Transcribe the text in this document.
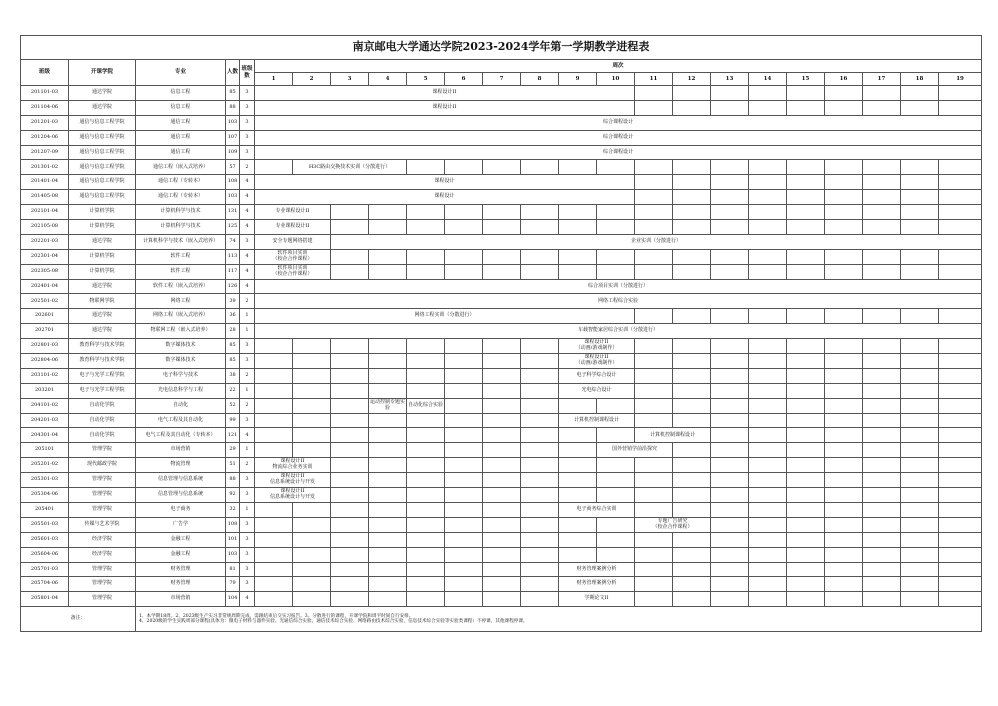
南京邮电大学通达学院2023-2024学年第一学期教学进程表																							
班级	开课学院	专业	人数	班级数	周次																		
					1	2	3	4	5	6	7	8	9	10	11	12	13	14	15	16	17	18	19
201101-03	通达学院	信息工程	85	3	课程设计II																		
201104-06	通达学院	信息工程	88	3	课程设计II																		
201201-03	通信与信息工程学院	通信工程	103	3	综合课程设计																		
201204-06	通信与信息工程学院	通信工程	107	3	综合课程设计																		
201207-09	通信与信息工程学院	通信工程	109	3	综合课程设计																		
201301-02	通信与信息工程学院	通信工程（嵌入式培养）	57	2		H3C路由交换技术实训（分散进行）																	
201401-04	通信与信息工程学院	通信工程（专转本）	108	4	课程设计																		
201405-08	通信与信息工程学院	通信工程（专转本）	103	4	课程设计																		
202101-04	计算机学院	计算机科学与技术	131	4	专业课程设计II																		
202105-08	计算机学院	计算机科学与技术	125	4	专业课程设计II																		
202201-03	通达学院	计算机科学与技术（嵌入式培养）	74	3	安全专题网络搭建		企业实训（分散进行）																
202301-04	计算机学院	软件工程	113	4	软件项目实训
（校企合作课程）																		
202305-08	计算机学院	软件工程	117	4	软件项目实训
（校企合作课程）																		
202401-04	通达学院	软件工程（嵌入式培养）	126	4	综合项目实训（分散进行）																		
202501-02	物联网学院	网络工程	39	2	网络工程综合实验																		
202601	通达学院	网络工程（嵌入式培养）	36	1	网络工程实训（分散进行）																		
202701	通达学院	物联网工程（嵌入式培养）	28	1	车载智能家居综合实训（分散进行）																		
202801-03	教育科学与技术学院	数字媒体技术	85	3									课程设计II
（动画/游戏制作）										
202804-06	教育科学与技术学院	数字媒体技术	85	3									课程设计II
（动画/游戏制作）										
203101-02	电子与光学工程学院	电子科学与技术	38	2									电子科学综合设计										
203201	电子与光学工程学院	光电信息科学与工程	22	1									光电综合设计										
204101-02	自动化学院	自动化	52	2				运动控制专题实验	自动化综合实验														
204201-03	自动化学院	电气工程及其自动化	99	3									计算机控制课程设计										
204301-04	自动化学院	电气工程及其自动化（专转本）	121	4											计算机控制课程设计								
205101	管理学院	市场营销	29	1										国外营销学前沿探究									
205201-02	现代邮政学院	物流管理	51	2	课程设计II
物流综合业务实训																		
205301-03	管理学院	信息管理与信息系统	88	3	课程设计II
信息系统设计与开发																		
205304-06	管理学院	信息管理与信息系统	92	3	课程设计II
信息系统设计与开发																		
205401	管理学院	电子商务	32	1									电子商务综合实训										
205501-03	传媒与艺术学院	广告学	108	3											专题广告研究
（校企合作课程）								
205601-03	经济学院	金融工程	101	3																			
205604-06	经济学院	金融工程	103	3																			
205701-03	管理学院	财务管理	81	3									财务管理案例分析										
205704-06	管理学院	财务管理	79	3									财务管理案例分析										
205801-04	管理学院	市场营销	104	4									学期论文II										
备注：		1、本学期18周。2、2023级生产实习非常规周期完成，需跟结束后交实习报告。3、分散进行的课程，开课学院和周平时间自行安排。
4、2020级的学生实践周部分课程(具体为：微电子材料与器件实验、光通信综合实验、通信技术综合实验、网络路由技术综合实验、信息技术综合实验等实验类课程）不停课，其他课程停课。																					
